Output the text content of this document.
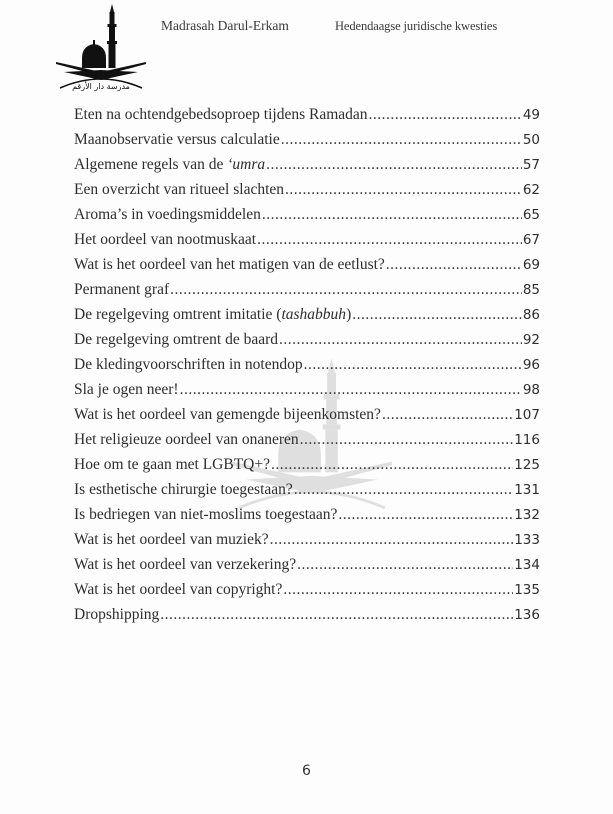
مدرسة دار الأرقم
Madrasah Darul-Erkam	Hedendaagse juridische kwesties
Eten na ochtendgebedsoproep tijdens Ramadan .....	49
Maanobservatie versus calculatie .....	50
Algemene regels van de ‘umra .....	57
Een overzicht van ritueel slachten .....	62
Aroma’s in voedingsmiddelen .....	65
Het oordeel van nootmuskaat .....	67
Wat is het oordeel van het matigen van de eetlust? .....	69
Permanent graf .....	85
De regelgeving omtrent imitatie (tashabbuh) .....	86
De regelgeving omtrent de baard .....	92
De kledingvoorschriften in notendop .....	96
Sla je ogen neer! .....	98
Wat is het oordeel van gemengde bijeenkomsten? .....	107
Het religieuze oordeel van onaneren .....	116
Hoe om te gaan met LGBTQ+? .....	125
Is esthetische chirurgie toegestaan? .....	131
Is bedriegen van niet-moslims toegestaan? .....	132
Wat is het oordeel van muziek? .....	133
Wat is het oordeel van verzekering? .....	134
Wat is het oordeel van copyright? .....	135
Dropshipping .....	136
6
